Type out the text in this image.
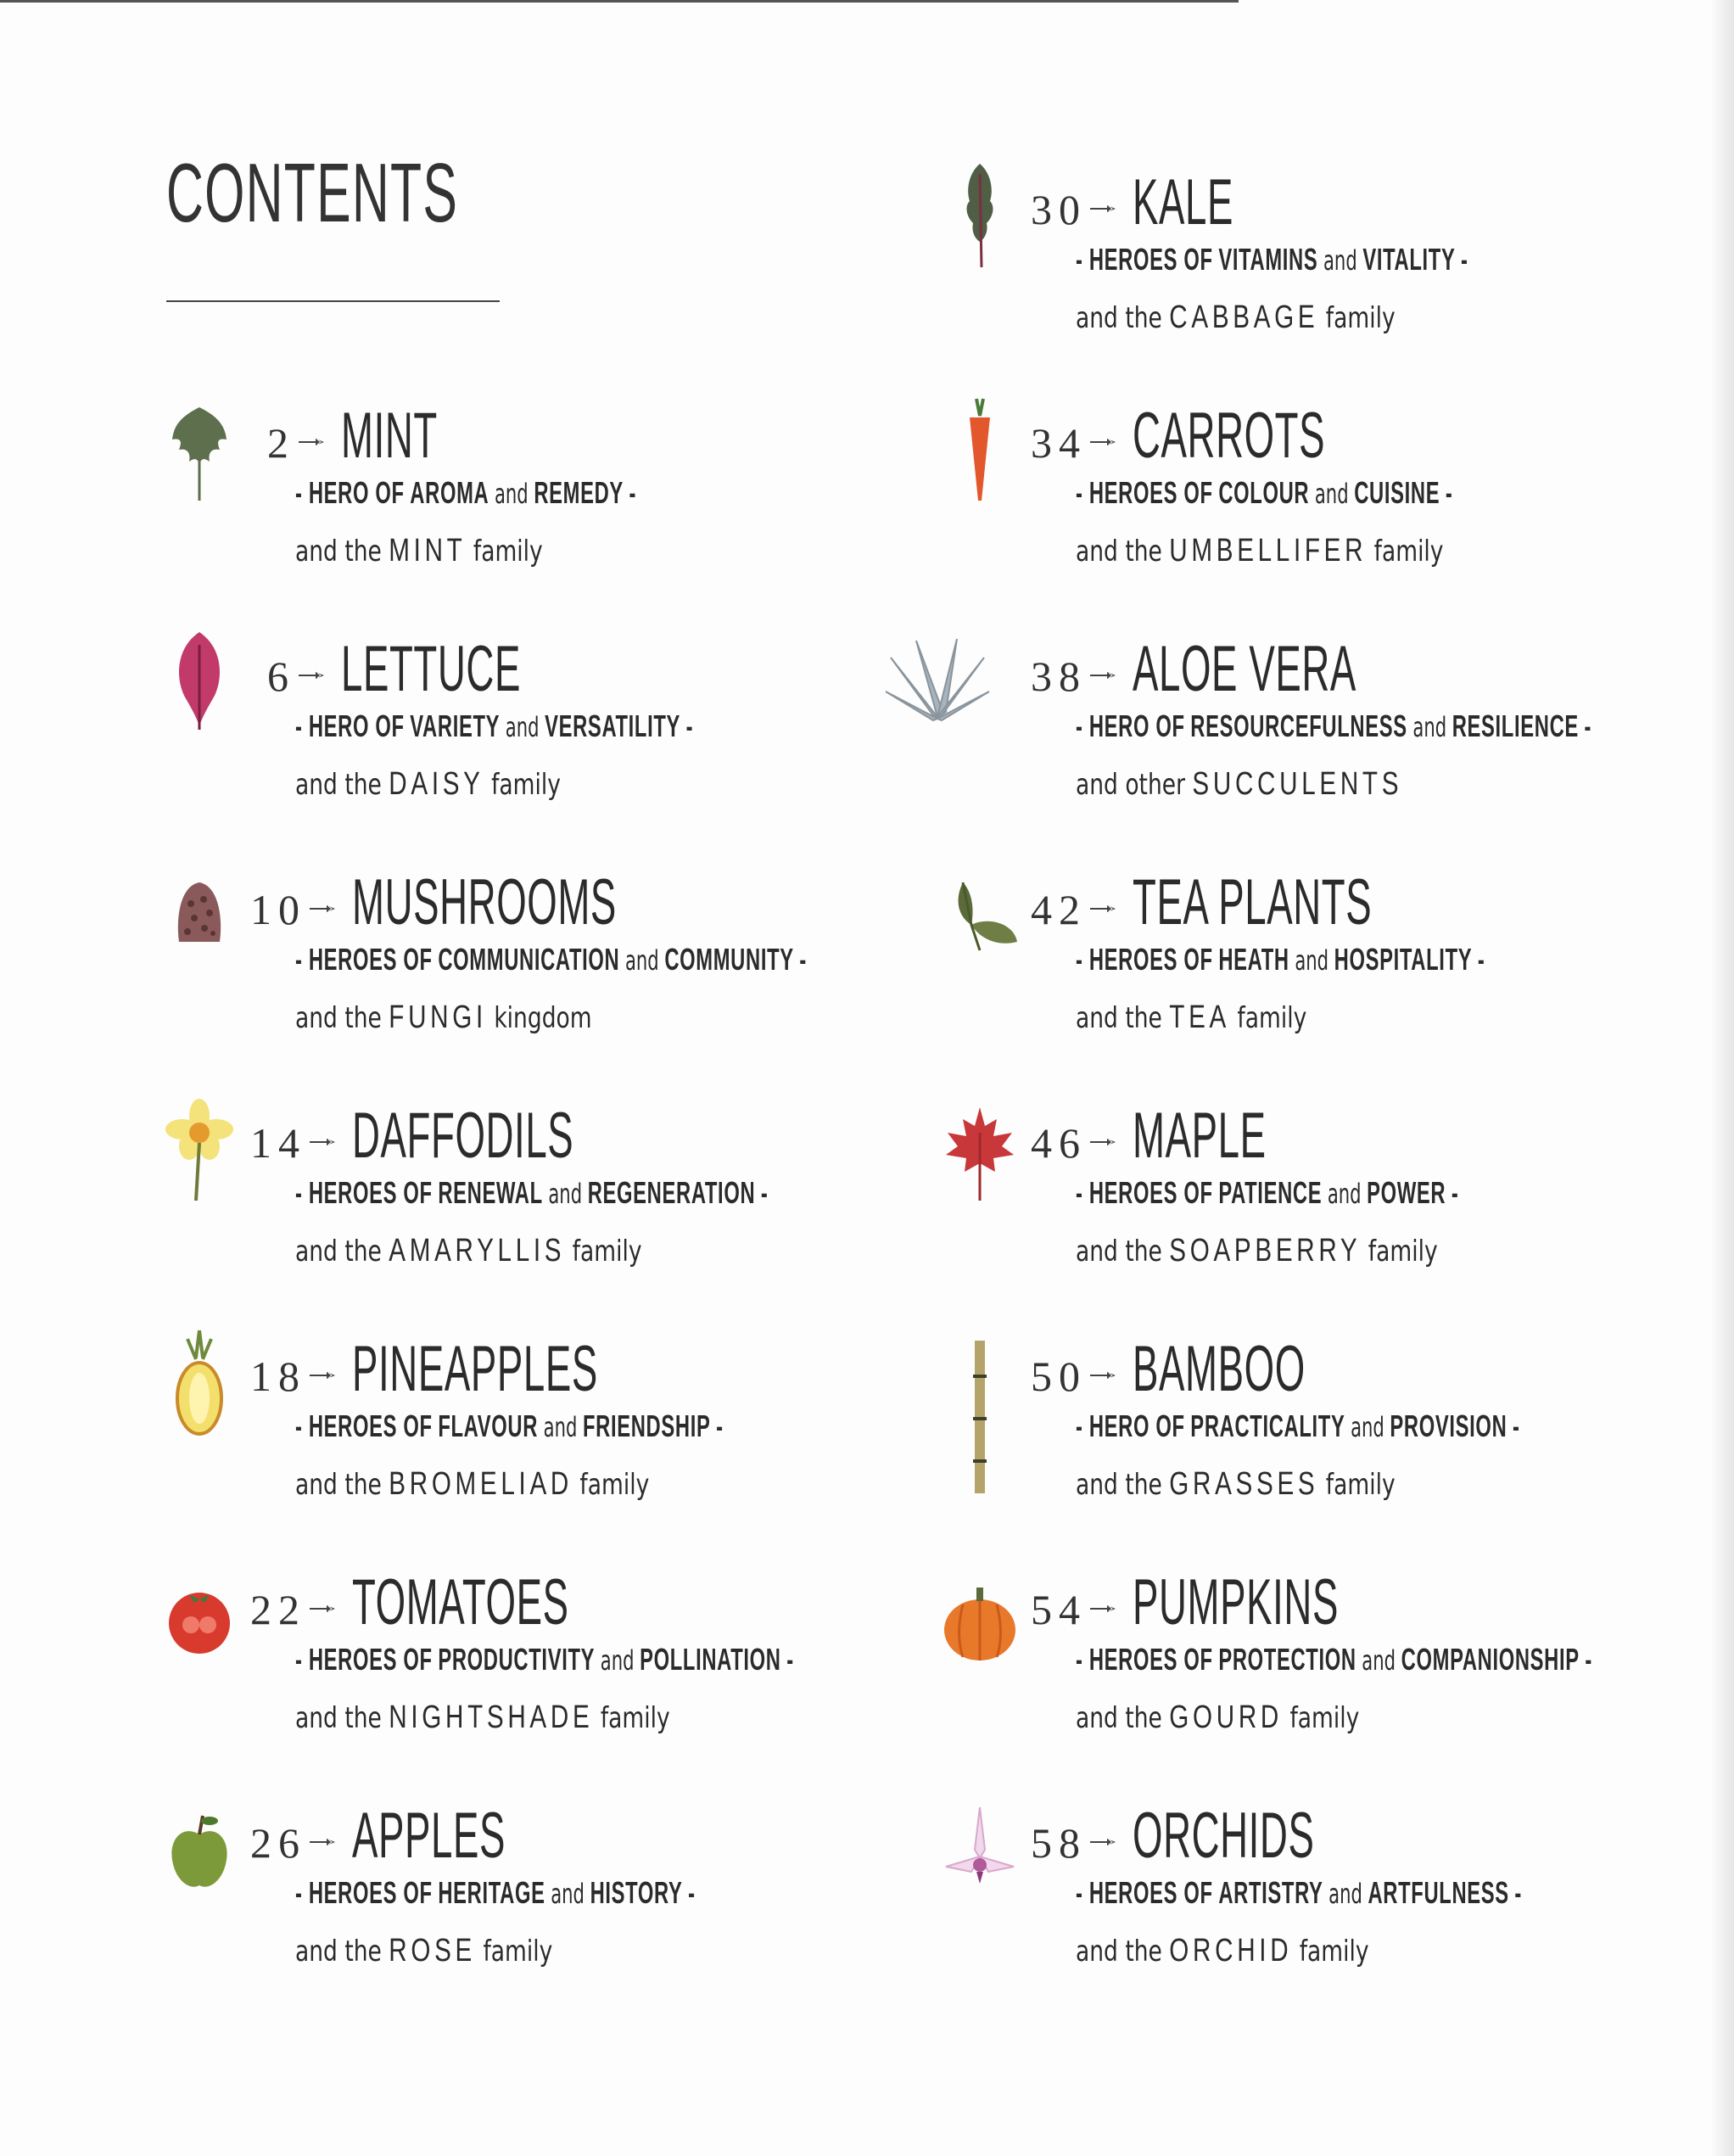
CONTENTS
2 MINT
- HERO OF AROMA and REMEDY -
and the MINT family
6 LETTUCE
- HERO OF VARIETY and VERSATILITY -
and the DAISY family
10 MUSHROOMS
- HEROES OF COMMUNICATION and COMMUNITY -
and the FUNGI kingdom
14 DAFFODILS
- HEROES OF RENEWAL and REGENERATION -
and the AMARYLLIS family
18 PINEAPPLES
- HEROES OF FLAVOUR and FRIENDSHIP -
and the BROMELIAD family
22 TOMATOES
- HEROES OF PRODUCTIVITY and POLLINATION -
and the NIGHTSHADE family
26 APPLES
- HEROES OF HERITAGE and HISTORY -
and the ROSE family
30 KALE
- HEROES OF VITAMINS and VITALITY -
and the CABBAGE family
34 CARROTS
- HEROES OF COLOUR and CUISINE -
and the UMBELLIFER family
38 ALOE VERA
- HERO OF RESOURCEFULNESS and RESILIENCE -
and other SUCCULENTS
42 TEA PLANTS
- HEROES OF HEATH and HOSPITALITY -
and the TEA family
46 MAPLE
- HEROES OF PATIENCE and POWER -
and the SOAPBERRY family
50 BAMBOO
- HERO OF PRACTICALITY and PROVISION -
and the GRASSES family
54 PUMPKINS
- HEROES OF PROTECTION and COMPANIONSHIP -
and the GOURD family
58 ORCHIDS
- HEROES OF ARTISTRY and ARTFULNESS -
and the ORCHID family
